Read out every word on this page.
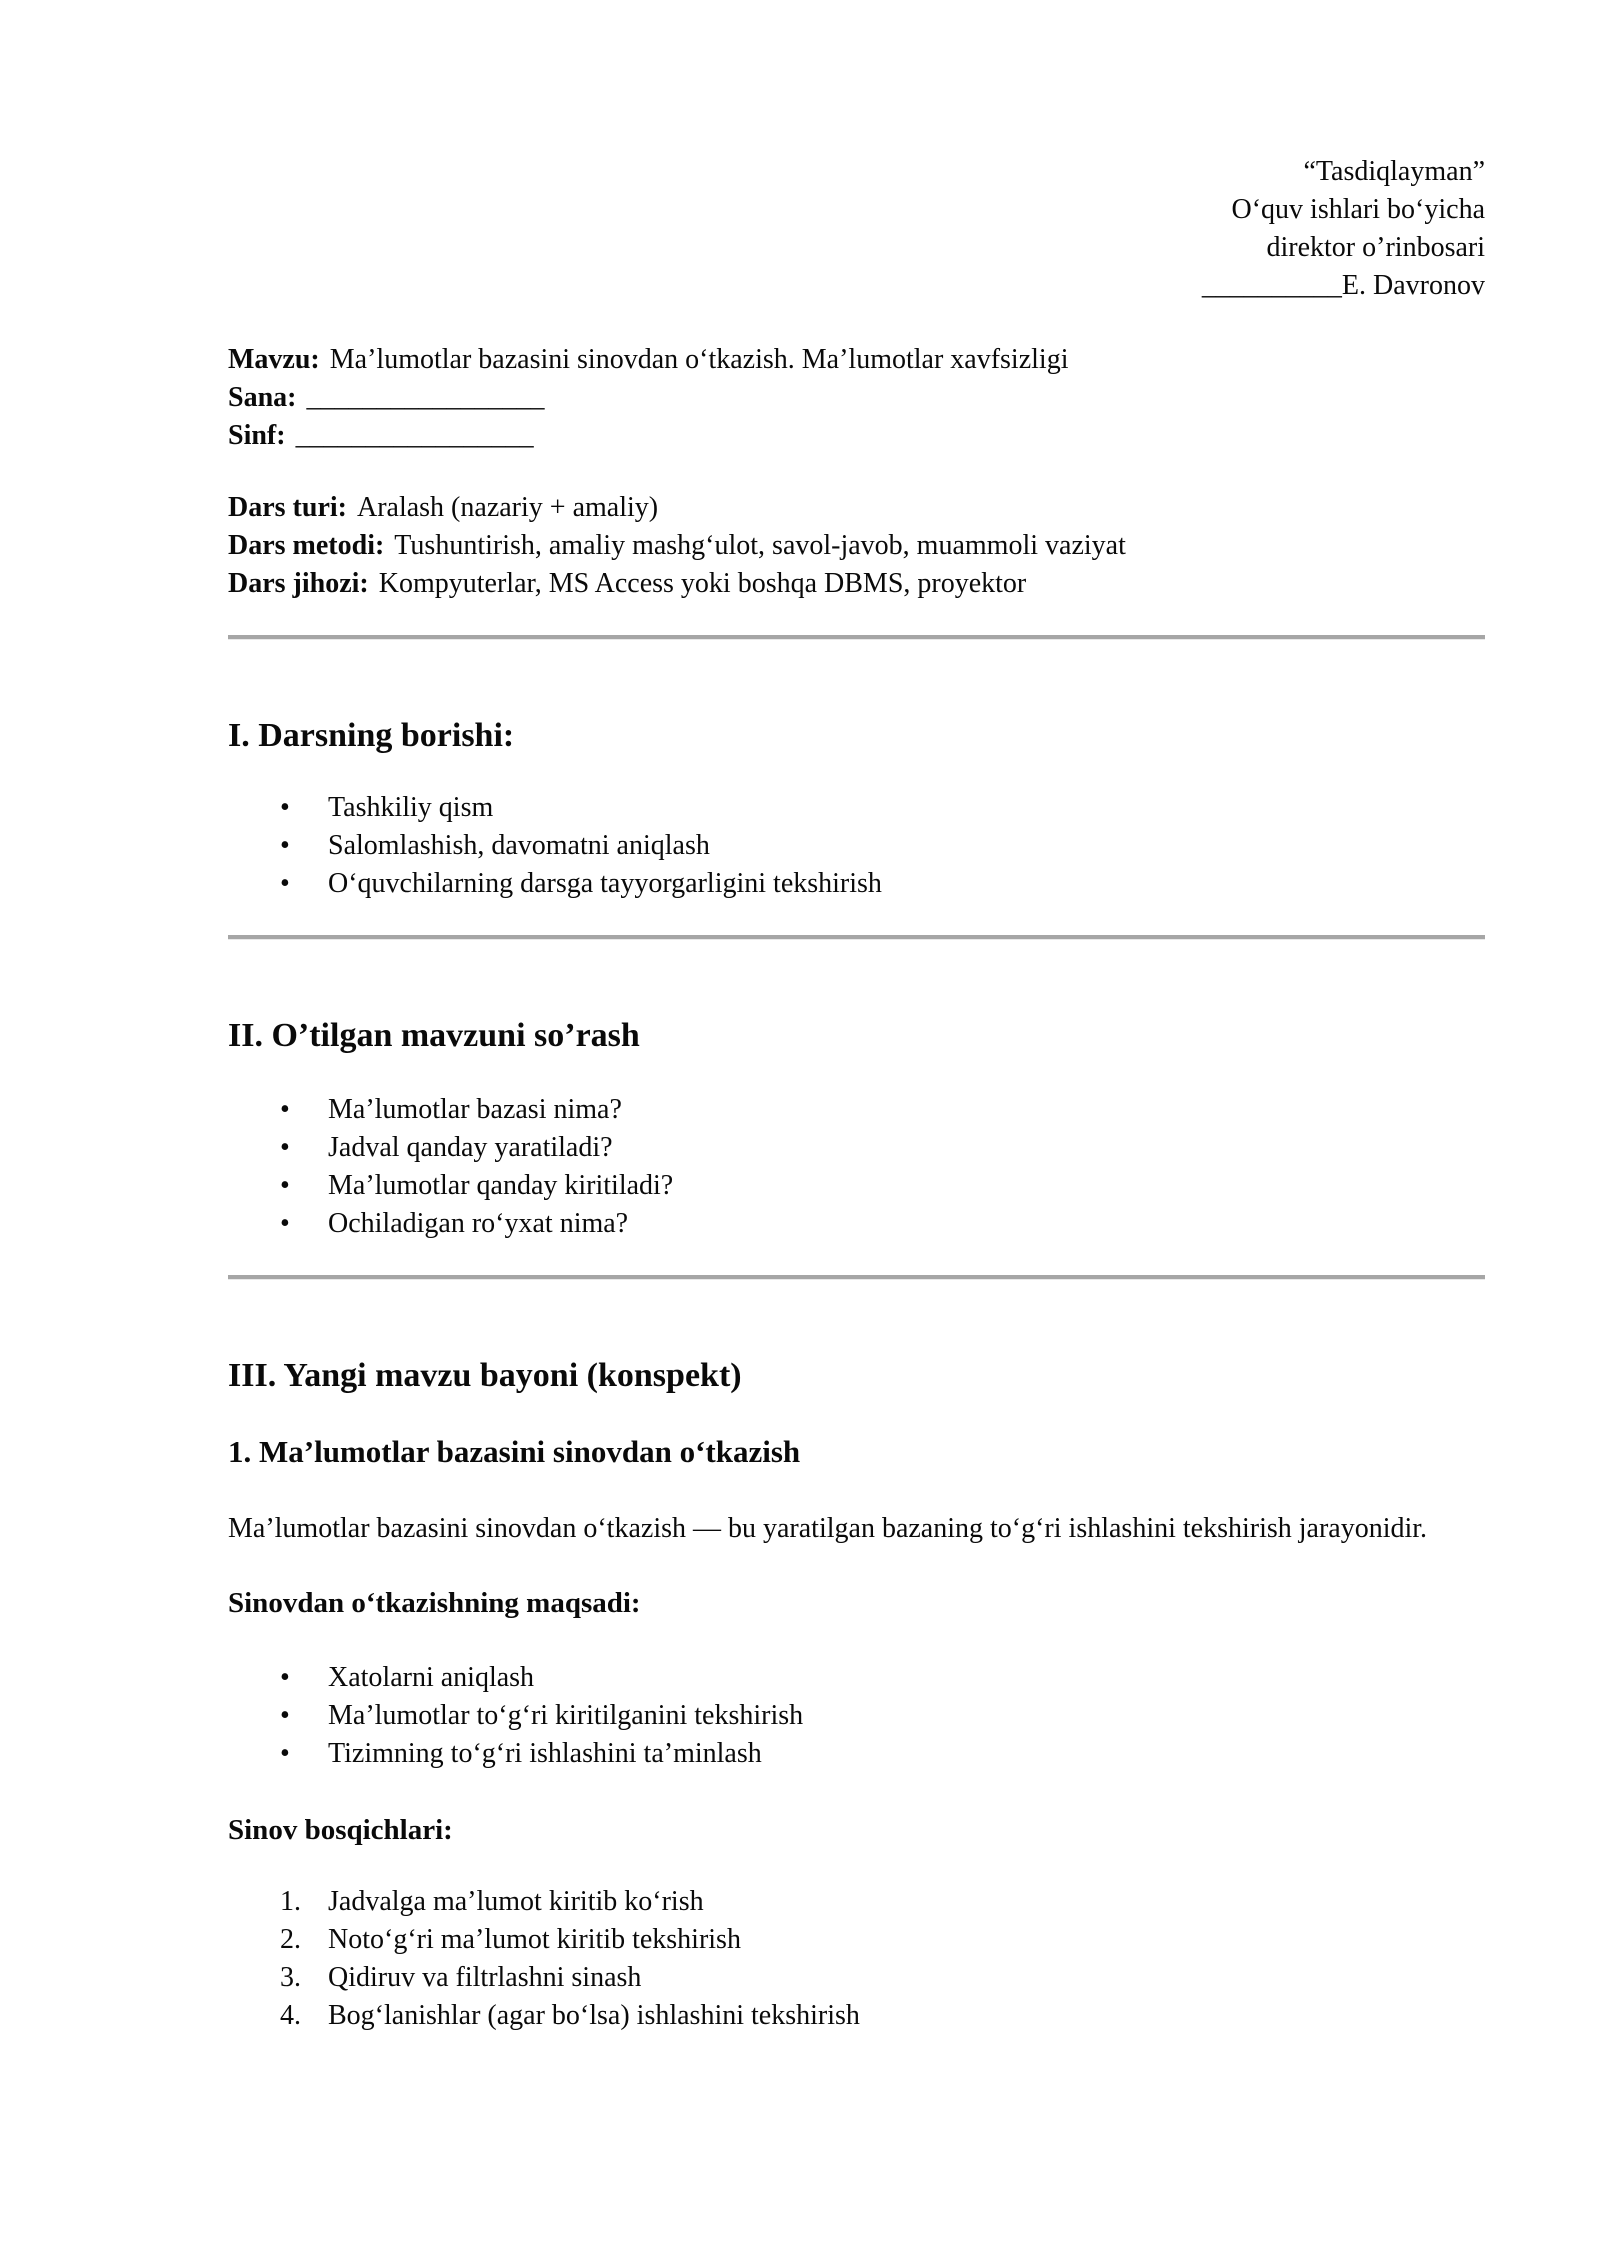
“Tasdiqlayman”
O‘quv ishlari bo‘yicha
direktor o’rinbosari
__________E. Davronov
Mavzu: Ma’lumotlar bazasini sinovdan o‘tkazish. Ma’lumotlar xavfsizligi
Sana: _________________
Sinf: _________________
Dars turi: Aralash (nazariy + amaliy)
Dars metodi: Tushuntirish, amaliy mashg‘ulot, savol-javob, muammoli vaziyat
Dars jihozi: Kompyuterlar, MS Access yoki boshqa DBMS, proyektor
I. Darsning borishi:
•	Tashkiliy qism
•	Salomlashish, davomatni aniqlash
•	O‘quvchilarning darsga tayyorgarligini tekshirish
II. O’tilgan mavzuni so’rash
•	Ma’lumotlar bazasi nima?
•	Jadval qanday yaratiladi?
•	Ma’lumotlar qanday kiritiladi?
•	Ochiladigan ro‘yxat nima?
III. Yangi mavzu bayoni (konspekt)
1. Ma’lumotlar bazasini sinovdan o‘tkazish

Ma’lumotlar bazasini sinovdan o‘tkazish — bu yaratilgan bazaning to‘g‘ri ishlashini tekshirish jarayonidir.

Sinovdan o‘tkazishning maqsadi:
•	Xatolarni aniqlash
•	Ma’lumotlar to‘g‘ri kiritilganini tekshirish
•	Tizimning to‘g‘ri ishlashini ta’minlash
Sinov bosqichlari:
1. Jadvalga ma’lumot kiritib ko‘rish
2. Noto‘g‘ri ma’lumot kiritib tekshirish
3. Qidiruv va filtrlashni sinash
4. Bog‘lanishlar (agar bo‘lsa) ishlashini tekshirish
